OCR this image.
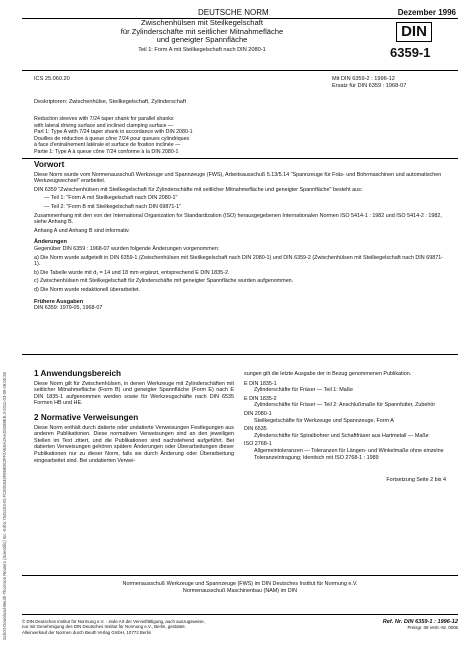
Schott-Download-Beuth-Thomson Reuters (Scientific) Inc.-KdNr.7545103-ID.FC0D5533F869D62FF2AEEA2AAD3288EE.3-2011-03-09 09:05:28
DEUTSCHE NORM	Dezember 1996
Zwischenhülsen mit Steilkegelschaft
für Zylinderschäfte mit seitlicher Mitnahmefläche
und geneigter Spannfläche
Teil 1: Form A mit Steilkegelschaft nach DIN 2080-1
DIN
6359-1
ICS 25.060.20	Mit DIN 6359-2 : 1996-12
Ersatz für DIN 6359 : 1968-07
Deskriptoren: Zwischenhülse, Steilkegelschaft, Zylinderschaft
Reduction sleeves with 7/24 taper shank for parallel shanks
with lateral driving surface and inclined clamping surface —
Part 1: Type A with 7/24 taper shank in accordance with DIN 2080-1
Douilles de réduction à queue cône 7/24 pour queues cylindriques
à face d'entraînement latérale et surface de fixation inclinée —
Partie 1: Type A à queue cône 7/24 conforme à la DIN 2080-1
Vorwort

Diese Norm wurde vom Normenausschuß Werkzeuge und Spannzeuge (FWS), Arbeitsausschuß 5.13/5.14 "Spannzeuge für Fräs- und Bohrmaschinen und automatischen Werkzeugwechsel" erarbeitet.

DIN 6359 "Zwischenhülsen mit Steilkegelschaft für Zylinderschäfte mit seitlicher Mitnahmefläche und geneigter Spannfläche" besteht aus:

— Teil 1: "Form A mit Steilkegelschaft nach DIN 2080-1"

— Teil 2: "Form B mit Steilkegelschaft nach DIN 69871-1"

Zusammenhang mit den von der International Organization for Standardization (ISO) herausgegebenen Internationalen Normen ISO 5414-1 : 1982 und ISO 5414-2 : 1982, siehe Anhang B.

Anhang A und Anhang B sind informativ.

Änderungen

Gegenüber DIN 6359 : 1968-07 wurden folgende Änderungen vorgenommen:

a) Die Norm wurde aufgeteilt in DIN 6359-1 (Zwischenhülsen mit Steilkegelschaft nach DIN 2080-1) und DIN 6359-2 (Zwischenhülsen mit Steilkegelschaft nach DIN 69871-1).

b) Die Tabelle wurde mit d₁ = 14 und 18 mm ergänzt, entsprechend E DIN 1835-2.

c) Zwischenhülsen mit Steilkegelschaft für Zylinderschäfte mit geneigter Spannfläche wurden aufgenommen.

d) Die Norm wurde redaktionell überarbeitet.

Frühere Ausgaben

DIN 6359: 1979-05, 1968-07

1 Anwendungsbereich

Diese Norm gilt für Zwischenhülsen, in denen Werkzeuge mit Zylinderschäften mit seitlicher Mitnahmefläche (Form B) und geneigter Spannfläche (Form E) nach E DIN 1835-1 aufgenommen werden sowie für Werkzeugschäfte nach DIN 6535 Formen HB und HE.

2 Normative Verweisungen

Diese Norm enthält durch datierte oder undatierte Verweisungen Festlegungen aus anderen Publikationen. Diese normativen Verweisungen sind an den jeweiligen Stellen im Text zitiert, und die Publikationen sind nachstehend aufgeführt. Bei datierten Verweisungen gehören spätere Änderungen oder Überarbeitungen dieser Publikationen nur zu dieser Norm, falls sie durch Änderung oder Überarbeitung eingearbeitet sind. Bei undatierten Verwei-

sungen gilt die letzte Ausgabe der in Bezug genommenen Publikation.

E DIN 1835-1
Zylinderschäfte für Fräser — Teil 1: Maße
E DIN 1835-2
Zylinderschäfte für Fräser — Teil 2: Anschlußmaße für Spannfutter, Zubehör
DIN 2080-1
Steilkegelschäfte für Werkzeuge und Spannzeuge, Form A
DIN 6535
Zylinderschäfte für Spiralbohrer und Schaftfräser aus Hartmetall — Maße
ISO 2768-1
Allgemeintoleranzen — Toleranzen für Längen- und Winkelmaße ohne einzelne Toleranzeintragung; Identisch mit ISO 2768-1 : 1989
Fortsetzung Seite 2 bis 4
Normenausschuß Werkzeuge und Spannzeuge (FWS) im DIN Deutsches Institut für Normung e.V.
Normenausschuß Maschinenbau (NAM) im DIN
© DIN Deutsches Institut für Normung e.V. · Jede Art der Vervielfältigung, auch auszugsweise,
nur mit Genehmigung des DIN Deutsches Institut für Normung e.V., Berlin, gestattet.
Alleinverkauf der Normen durch Beuth Verlag GmbH, 10772 Berlin
Ref. Nr. DIN 6359-1 : 1996-12
Preisgr. 06 Vertr.-Nr. 0006
